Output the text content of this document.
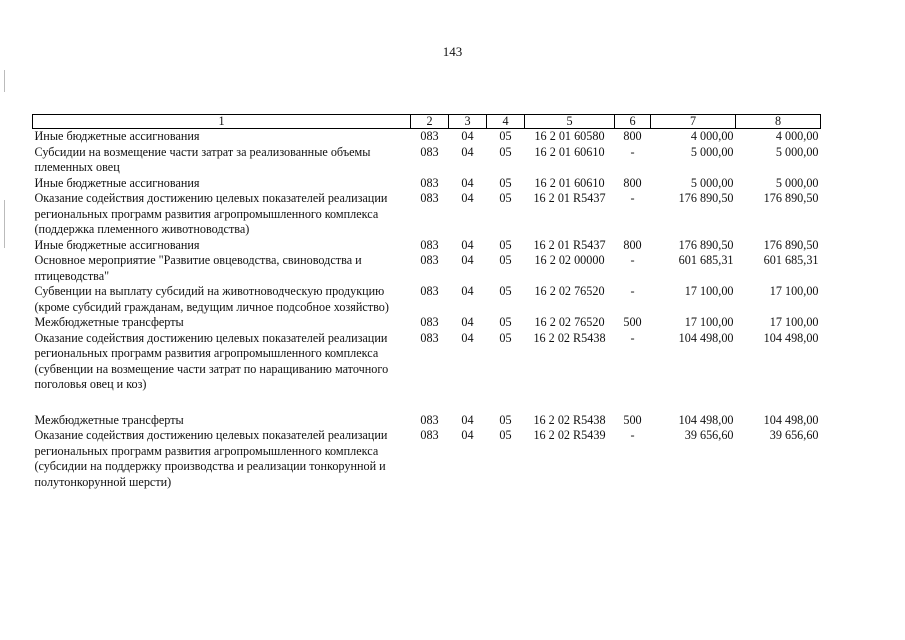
143
1	2	3	4	5	6	7	8
Иные бюджетные ассигнования	083	04	05	16 2 01 60580	800	4 000,00	4 000,00
Субсидии на возмещение части затрат за реализованные объемы племенных овец	083	04	05	16 2 01 60610	-	5 000,00	5 000,00
Иные бюджетные ассигнования	083	04	05	16 2 01 60610	800	5 000,00	5 000,00
Оказание содействия достижению целевых показателей реализации региональных программ развития агропромышленного комплекса (поддержка племенного животноводства)	083	04	05	16 2 01 R5437	-	176 890,50	176 890,50
Иные бюджетные ассигнования	083	04	05	16 2 01 R5437	800	176 890,50	176 890,50
Основное мероприятие "Развитие овцеводства, свиноводства и птицеводства"	083	04	05	16 2 02 00000	-	601 685,31	601 685,31
Субвенции на выплату субсидий на животноводческую продукцию (кроме субсидий гражданам, ведущим личное подсобное хозяйство)	083	04	05	16 2 02 76520	-	17 100,00	17 100,00
Межбюджетные трансферты	083	04	05	16 2 02 76520	500	17 100,00	17 100,00
Оказание содействия достижению целевых показателей реализации региональных программ развития агропромышленного комплекса (субвенции на возмещение части затрат по наращиванию маточного поголовья овец и коз)	083	04	05	16 2 02 R5438	-	104 498,00	104 498,00

Межбюджетные трансферты	083	04	05	16 2 02 R5438	500	104 498,00	104 498,00
Оказание содействия достижению целевых показателей реализации региональных программ развития агропромышленного комплекса (субсидии на поддержку производства и реализации тонкорунной и полутонкорунной шерсти)	083	04	05	16 2 02 R5439	-	39 656,60	39 656,60
